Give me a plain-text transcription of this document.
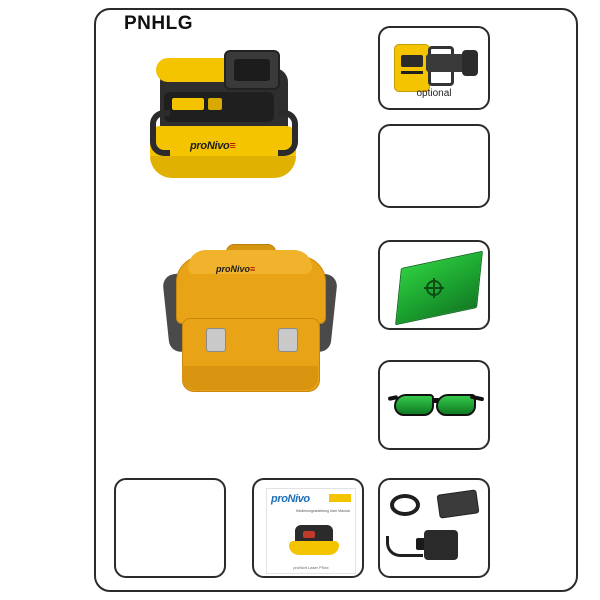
PNHLG
proNivo≡
proNivo≡
optional
proNivo
Bedienungsanleitung User Manual
proNivit Laser PNxx
